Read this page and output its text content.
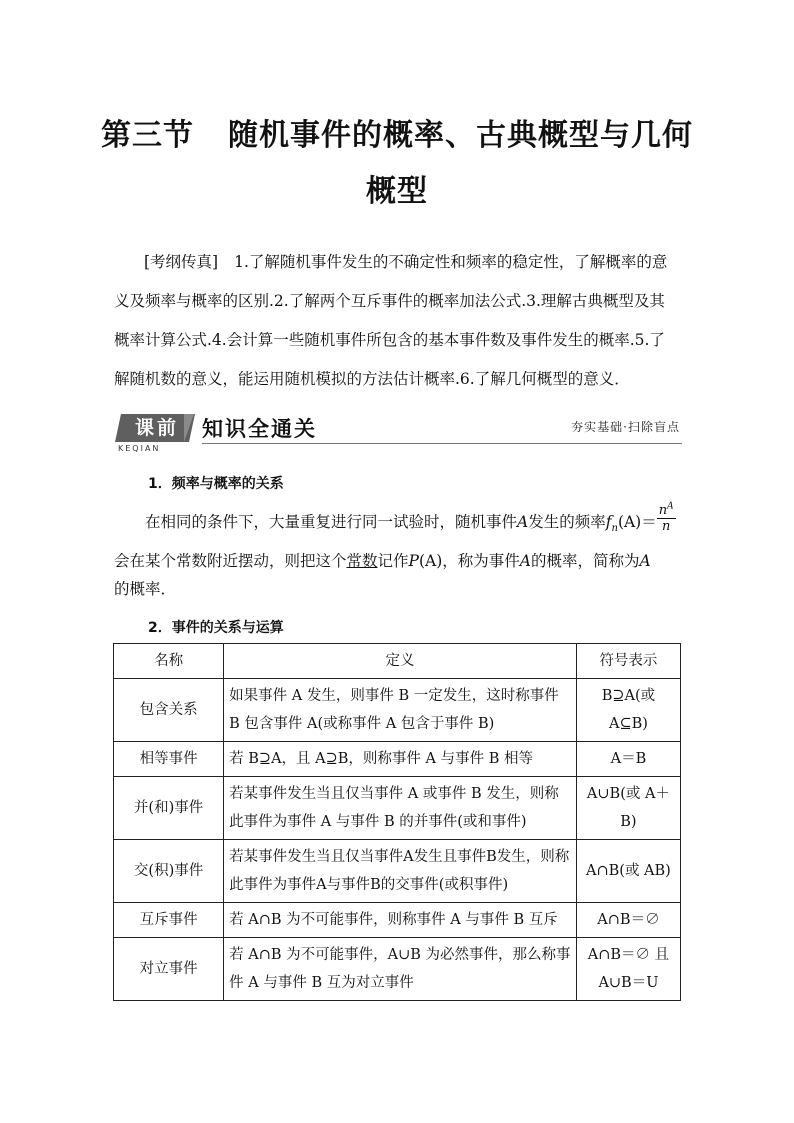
第三节 随机事件的概率、古典概型与几何
概型
[考纲传真] 1.了解随机事件发生的不确定性和频率的稳定性，了解概率的意
义及频率与概率的区别.2.了解两个互斥事件的概率加法公式.3.理解古典概型及其
概率计算公式.4.会计算一些随机事件所包含的基本事件数及事件发生的概率.5.了
解随机数的意义，能运用随机模拟的方法估计概率.6.了解几何概型的意义．
课前
KEQIAN
知识全通关	夯实基础·扫除盲点
1．频率与概率的关系
在相同的条件下，大量重复进行同一试验时，随机事件A发生的频率$f_n(A)= \frac{n^A}{n}$
会在某个常数附近摆动，则把这个常数记作P(A)，称为事件A的概率，简称为A
的概率．
2．事件的关系与运算
名称	定义	符号表示
包含关系	如果事件 A 发生，则事件 B 一定发生，这时称事件 B 包含事件 A(或称事件 A 包含于事件 B)	B⊇A(或 A⊆B)
相等事件	若 B⊇A，且 A⊇B，则称事件 A 与事件 B 相等	A＝B
并(和)事件	若某事件发生当且仅当事件 A 或事件 B 发生，则称此事件为事件 A 与事件 B 的并事件(或和事件)	A∪B(或 A＋B)
交(积)事件	若某事件发生当且仅当事件A发生且事件B发生，则称此事件为事件A与事件B的交事件(或积事件)	A∩B(或 AB)
互斥事件	若 A∩B 为不可能事件，则称事件 A 与事件 B 互斥	A∩B＝∅
对立事件	若 A∩B 为不可能事件，A∪B 为必然事件，那么称事件 A 与事件 B 互为对立事件	A∩B＝∅ 且 A∪B＝U
